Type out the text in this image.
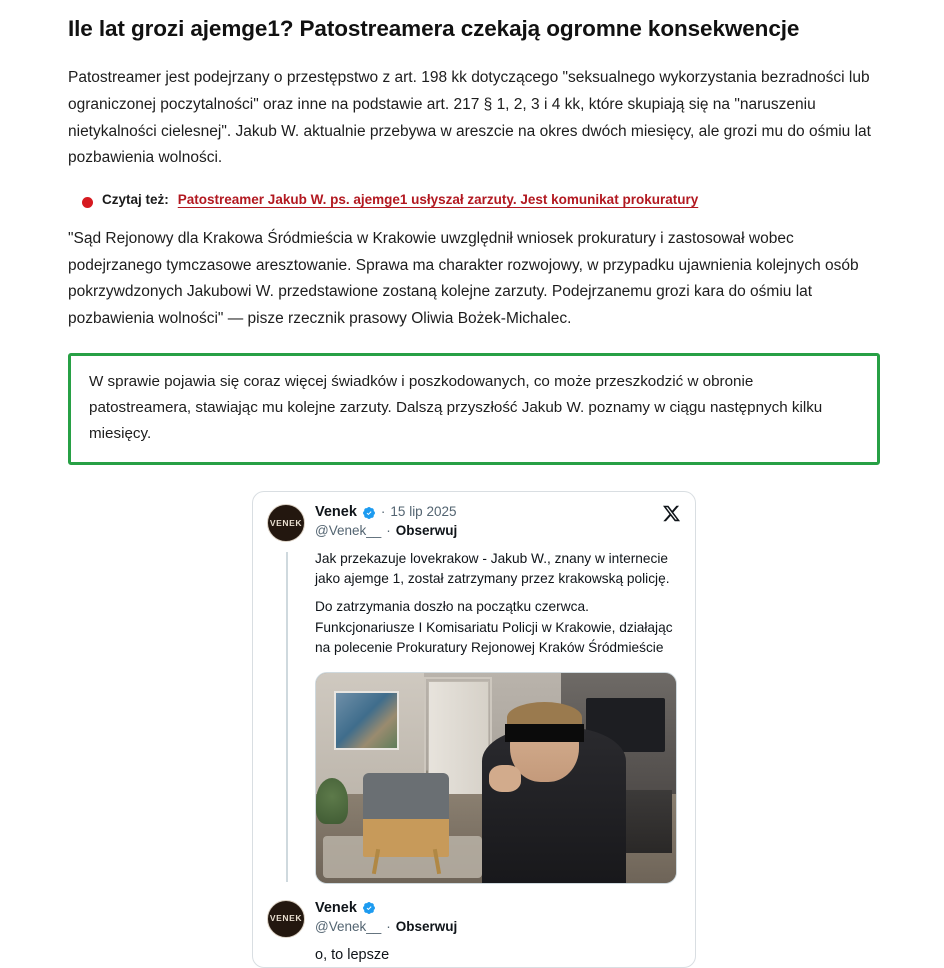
Ile lat grozi ajemge1? Patostreamera czekają ogromne konsekwencje

Patostreamer jest podejrzany o przestępstwo z art. 198 kk dotyczącego "seksualnego wykorzystania bezradności lub ograniczonej poczytalności" oraz inne na podstawie art. 217 § 1, 2, 3 i 4 kk, które skupiają się na "naruszeniu nietykalności cielesnej". Jakub W. aktualnie przebywa w areszcie na okres dwóch miesięcy, ale grozi mu do ośmiu lat pozbawienia wolności.

Czytaj też: Patostreamer Jakub W. ps. ajemge1 usłyszał zarzuty. Jest komunikat prokuratury

"Sąd Rejonowy dla Krakowa Śródmieścia w Krakowie uwzględnił wniosek prokuratury i zastosował wobec podejrzanego tymczasowe aresztowanie. Sprawa ma charakter rozwojowy, w przypadku ujawnienia kolejnych osób pokrzywdzonych Jakubowi W. przedstawione zostaną kolejne zarzuty. Podejrzanemu grozi kara do ośmiu lat pozbawienia wolności" — pisze rzecznik prasowy Oliwia Bożek-Michalec.

W sprawie pojawia się coraz więcej świadków i poszkodowanych, co może przeszkodzić w obronie patostreamera, stawiając mu kolejne zarzuty. Dalszą przyszłość Jakub W. poznamy w ciągu następnych kilku miesięcy.

VENEK
Venek · 15 lip 2025
@Venek__ · Obserwuj

Jak przekazuje lovekrakow - Jakub W., znany w internecie jako ajemge 1, został zatrzymany przez krakowską policję.

Do zatrzymania doszło na początku czerwca. Funkcjonariusze I Komisariatu Policji w Krakowie, działając na polecenie Prokuratury Rejonowej Kraków Śródmieście

VENEK
Venek
@Venek__ · Obserwuj

o, to lepsze
